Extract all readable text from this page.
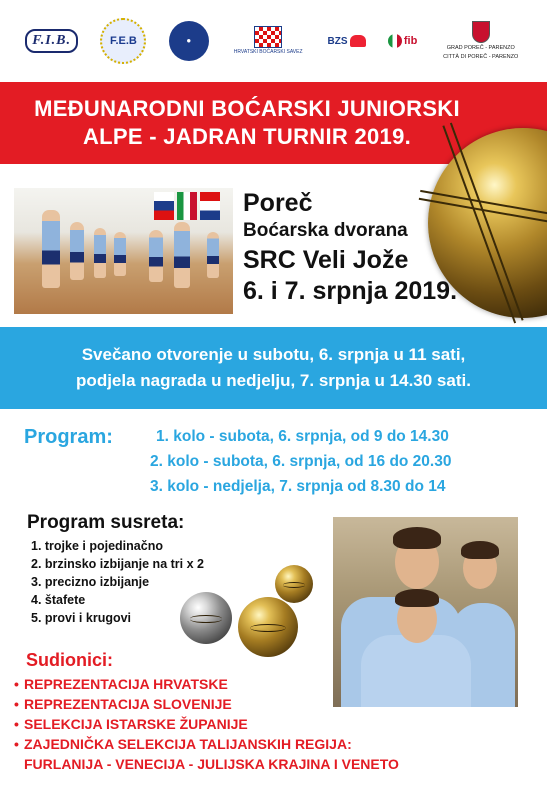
F.I.B.	F.E.B	●
HRVATSKI BOĆARSKI SAVEZ
BZS	fib
GRAD POREČ - PARENZO
CITTÀ DI POREČ - PARENZO
MEĐUNARODNI BOĆARSKI JUNIORSKI
ALPE - JADRAN TURNIR 2019.
Poreč
Boćarska dvorana
SRC Veli Jože
6. i 7. srpnja 2019.
Svečano otvorenje u subotu, 6. srpnja u 11 sati,
podjela nagrada u nedjelju, 7. srpnja u 14.30 sati.
Program:	1. kolo - subota, 6. srpnja, od 9 do 14.30
2. kolo - subota, 6. srpnja, od 16 do 20.30
3. kolo - nedjelja, 7. srpnja od 8.30 do 14
Program susreta:
1. trojke i pojedinačno
2. brzinsko izbijanje na tri x 2
3. precizno izbijanje
4. štafete
5. provi i krugovi
Sudionici:
• REPREZENTACIJA HRVATSKE
• REPREZENTACIJA SLOVENIJE
• SELEKCIJA ISTARSKE ŽUPANIJE
• ZAJEDNIČKA SELEKCIJA TALIJANSKIH REGIJA:
FURLANIJA - VENECIJA - JULIJSKA KRAJINA I VENETO
